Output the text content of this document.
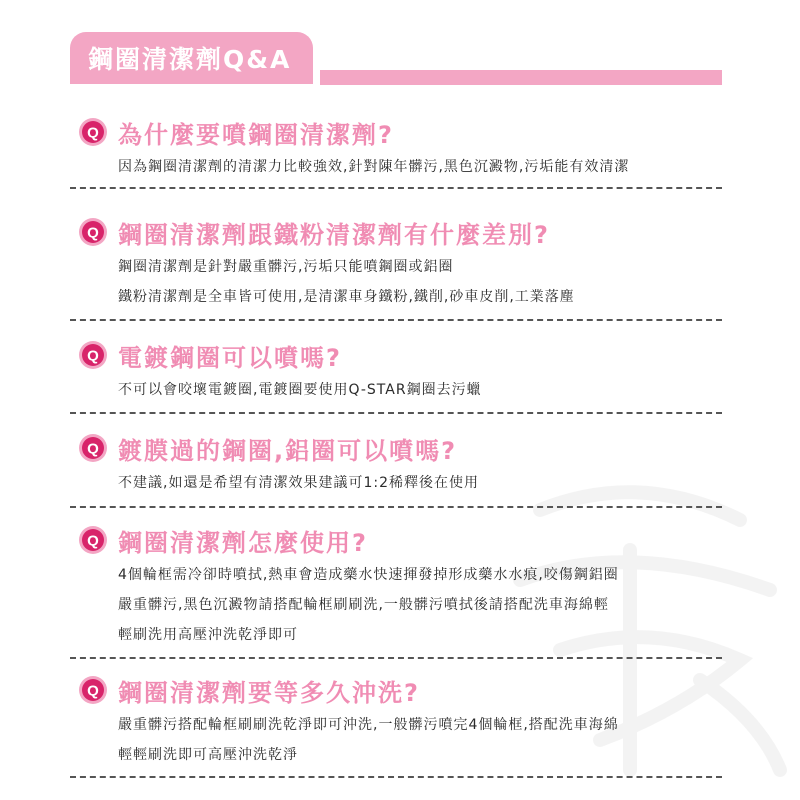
鋼圈清潔劑Q&A
Q 為什麼要噴鋼圈清潔劑?
因為鋼圈清潔劑的清潔力比較強效,針對陳年髒污,黑色沉澱物,污垢能有效清潔
Q 鋼圈清潔劑跟鐵粉清潔劑有什麼差別?
鋼圈清潔劑是針對嚴重髒污,污垢只能噴鋼圈或鋁圈
鐵粉清潔劑是全車皆可使用,是清潔車身鐵粉,鐵削,砂車皮削,工業落塵
Q 電鍍鋼圈可以噴嗎?
不可以會咬壞電鍍圈,電鍍圈要使用Q-STAR鋼圈去污蠟
Q 鍍膜過的鋼圈,鋁圈可以噴嗎?
不建議,如還是希望有清潔效果建議可1:2稀釋後在使用
Q 鋼圈清潔劑怎麼使用?
4個輪框需冷卻時噴拭,熱車會造成藥水快速揮發掉形成藥水水痕,咬傷鋼鋁圈
嚴重髒污,黑色沉澱物請搭配輪框刷刷洗,一般髒污噴拭後請搭配洗車海綿輕
輕刷洗用高壓沖洗乾淨即可
Q 鋼圈清潔劑要等多久沖洗?
嚴重髒污搭配輪框刷刷洗乾淨即可沖洗,一般髒污噴完4個輪框,搭配洗車海綿
輕輕刷洗即可高壓沖洗乾淨
